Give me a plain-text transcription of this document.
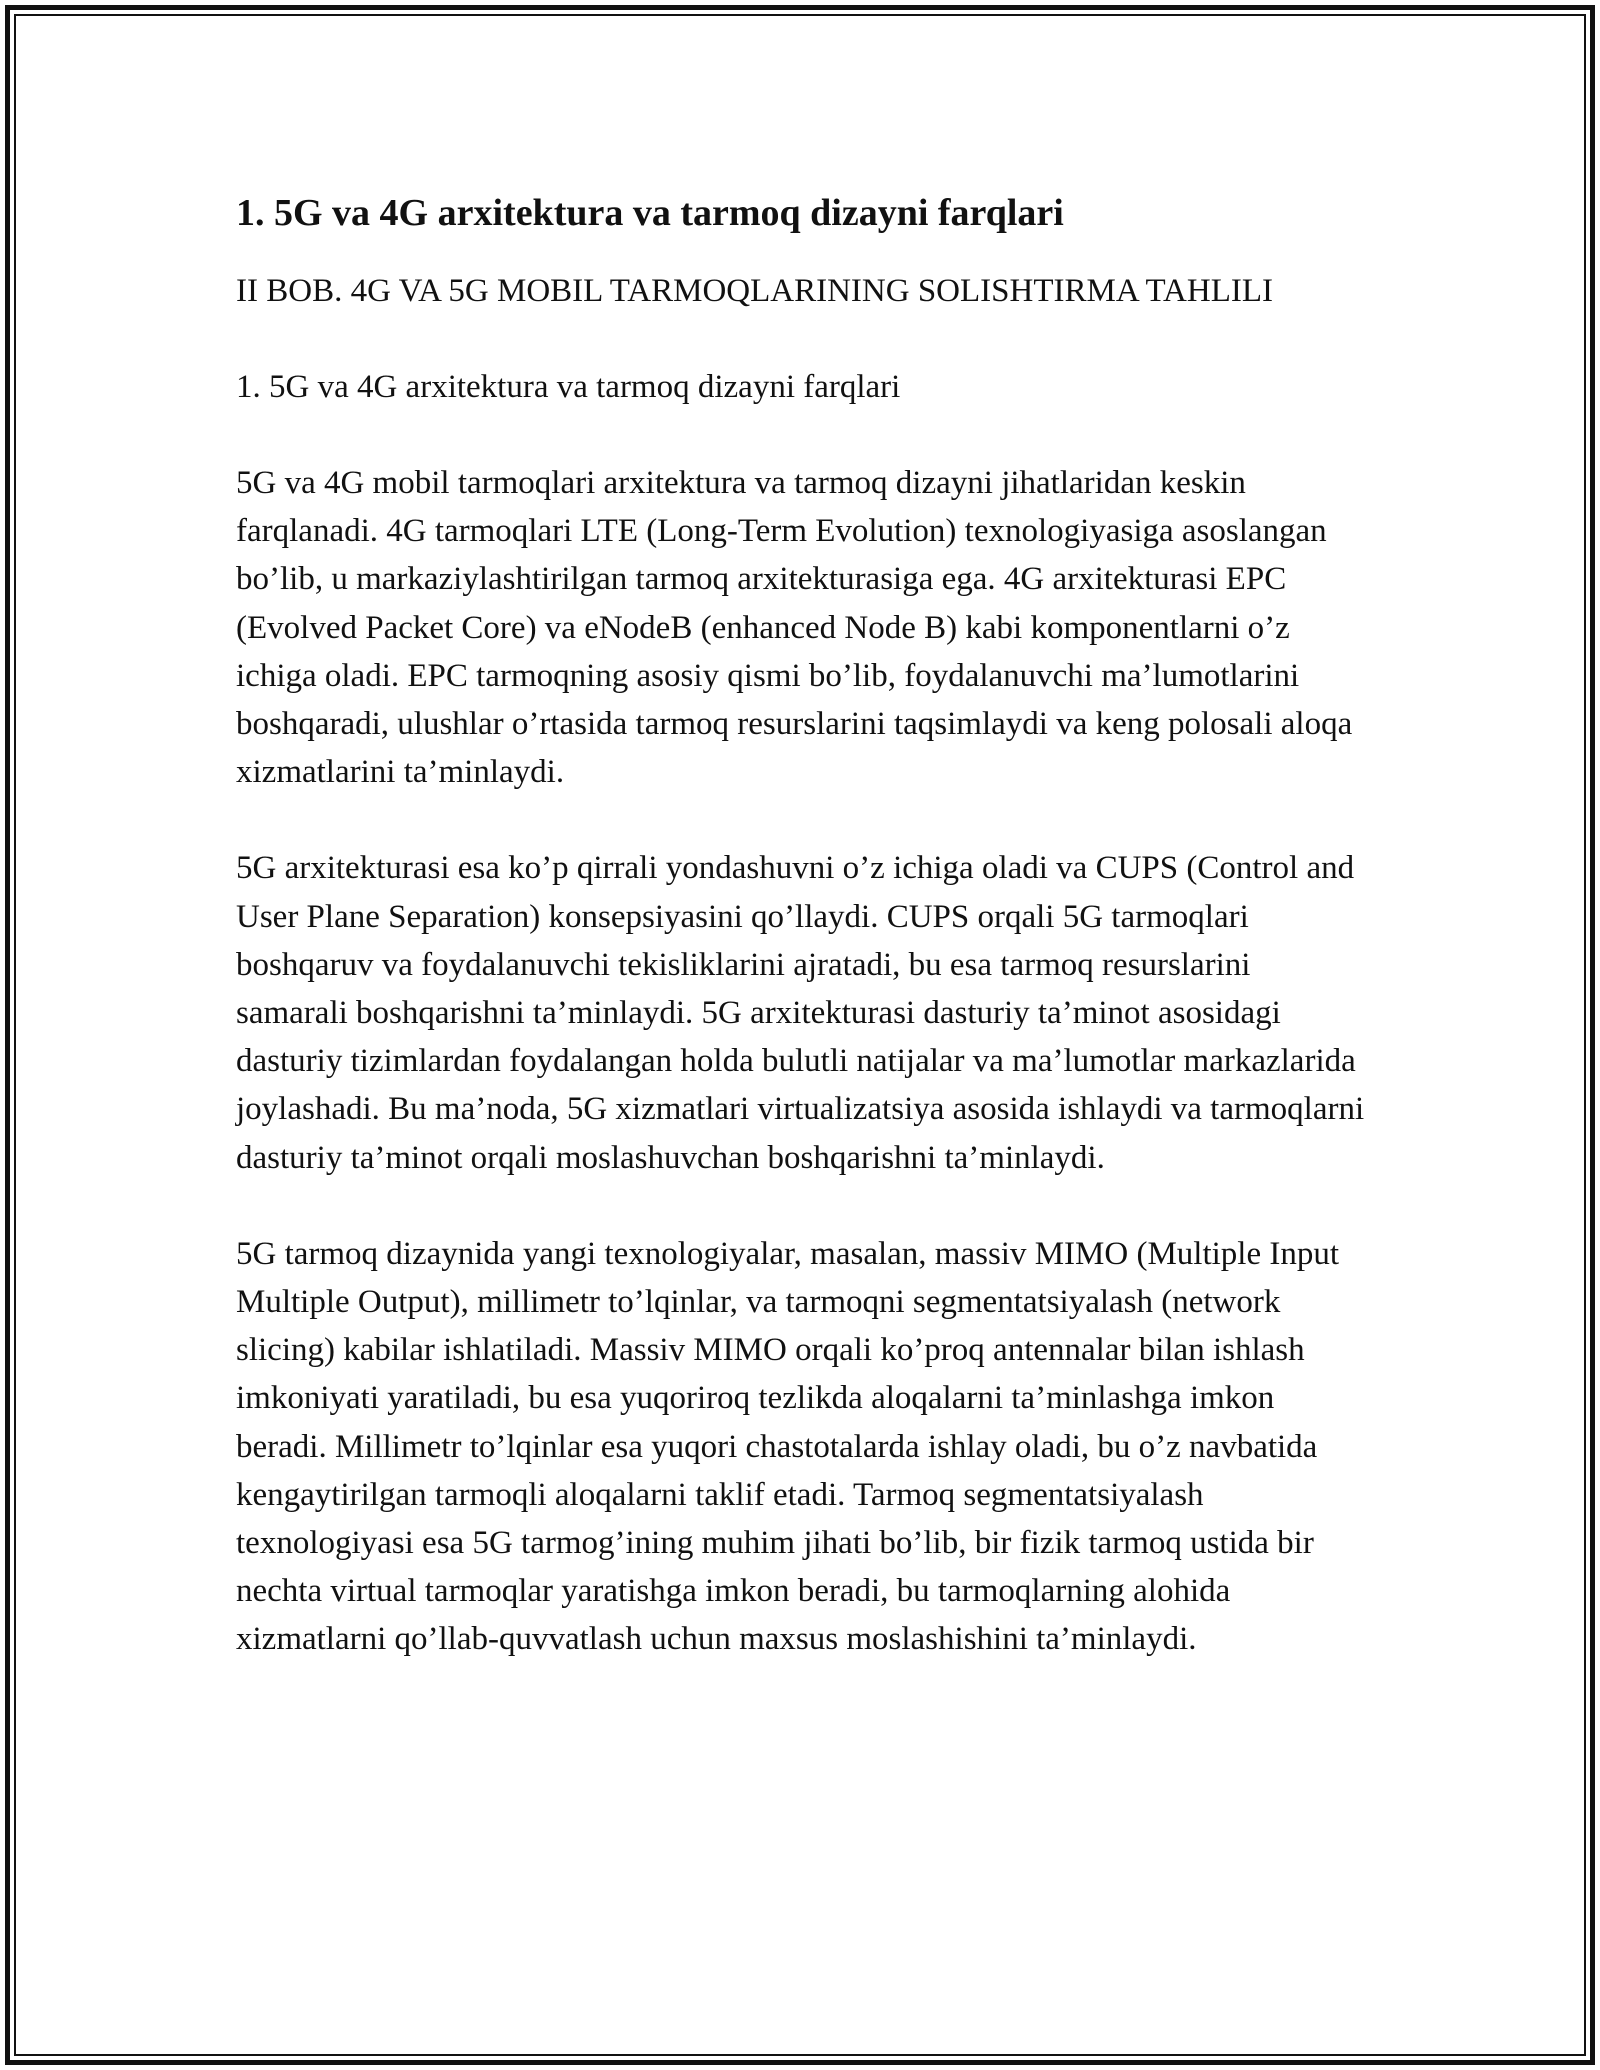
1. 5G va 4G arxitektura va tarmoq dizayni farqlari

II BOB. 4G VA 5G MOBIL TARMOQLARINING SOLISHTIRMA TAHLILI

1. 5G va 4G arxitektura va tarmoq dizayni farqlari

5G va 4G mobil tarmoqlari arxitektura va tarmoq dizayni jihatlaridan keskin farqlanadi. 4G tarmoqlari LTE (Long-Term Evolution) texnologiyasiga asoslangan bo’lib, u markaziylashtirilgan tarmoq arxitekturasiga ega. 4G arxitekturasi EPC (Evolved Packet Core) va eNodeB (enhanced Node B) kabi komponentlarni o’z ichiga oladi. EPC tarmoqning asosiy qismi bo’lib, foydalanuvchi ma’lumotlarini boshqaradi, ulushlar o’rtasida tarmoq resurslarini taqsimlaydi va keng polosali aloqa xizmatlarini ta’minlaydi.

5G arxitekturasi esa ko’p qirrali yondashuvni o’z ichiga oladi va CUPS (Control and User Plane Separation) konsepsiyasini qo’llaydi. CUPS orqali 5G tarmoqlari boshqaruv va foydalanuvchi tekisliklarini ajratadi, bu esa tarmoq resurslarini samarali boshqarishni ta’minlaydi. 5G arxitekturasi dasturiy ta’minot asosidagi dasturiy tizimlardan foydalangan holda bulutli natijalar va ma’lumotlar markazlarida joylashadi. Bu ma’noda, 5G xizmatlari virtualizatsiya asosida ishlaydi va tarmoqlarni dasturiy ta’minot orqali moslashuvchan boshqarishni ta’minlaydi.

5G tarmoq dizaynida yangi texnologiyalar, masalan, massiv MIMO (Multiple Input Multiple Output), millimetr to’lqinlar, va tarmoqni segmentatsiyalash (network slicing) kabilar ishlatiladi. Massiv MIMO orqali ko’proq antennalar bilan ishlash imkoniyati yaratiladi, bu esa yuqoriroq tezlikda aloqalarni ta’minlashga imkon beradi. Millimetr to’lqinlar esa yuqori chastotalarda ishlay oladi, bu o’z navbatida kengaytirilgan tarmoqli aloqalarni taklif etadi. Tarmoq segmentatsiyalash texnologiyasi esa 5G tarmog’ining muhim jihati bo’lib, bir fizik tarmoq ustida bir nechta virtual tarmoqlar yaratishga imkon beradi, bu tarmoqlarning alohida xizmatlarni qo’llab-quvvatlash uchun maxsus moslashishini ta’minlaydi.
